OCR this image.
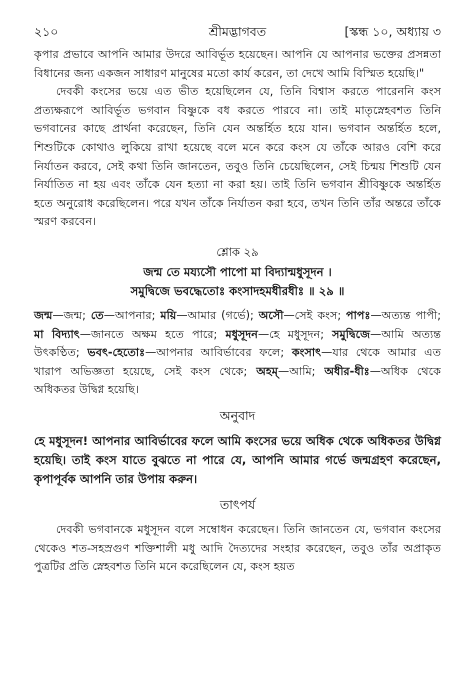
২১০	শ্রীমদ্ভাগবত	[স্কন্ধ ১০, অধ্যায় ৩

কৃপার প্রভাবে আপনি আমার উদরে আবির্ভূত হয়েছেন। আপনি যে আপনার ভক্তের প্রসন্নতা বিধানের জন্য একজন সাধারণ মানুষের মতো কার্য করেন, তা দেখে আমি বিস্মিত হয়েছি।"

দেবকী কংসের ভয়ে এত ভীত হয়েছিলেন যে, তিনি বিশ্বাস করতে পারেননি কংস প্রত্যক্ষরূপে আবির্ভূত ভগবান বিষ্ণুকে বধ করতে পারবে না। তাই মাতৃস্নেহবশত তিনি ভগবানের কাছে প্রার্থনা করেছেন, তিনি যেন অন্তর্হিত হয়ে যান। ভগবান অন্তর্হিত হলে, শিশুটিকে কোথাও লুকিয়ে রাখা হয়েছে বলে মনে করে কংস যে তাঁকে আরও বেশি করে নির্যাতন করবে, সেই কথা তিনি জানতেন, তবুও তিনি চেয়েছিলেন, সেই চিন্ময় শিশুটি যেন নির্যাতিত না হয় এবং তাঁকে যেন হত্যা না করা হয়। তাই তিনি ভগবান শ্রীবিষ্ণুকে অন্তর্হিত হতে অনুরোধ করেছিলেন। পরে যখন তাঁকে নির্যাতন করা হবে, তখন তিনি তাঁর অন্তরে তাঁকে স্মরণ করবেন।

শ্লোক ২৯
জন্ম তে ময্যসৌ পাপো মা বিদ্যান্মধুসূদন ।
সমুদ্বিজে ভবদ্ধেতোঃ কংসাদহমধীরধীঃ ॥ ২৯ ॥

জন্ম—জন্ম; তে—আপনার; ময়ি—আমার (গর্ভে); অসৌ—সেই কংস; পাপঃ—অত্যন্ত পাপী; মা বিদ্যাৎ—জানতে অক্ষম হতে পারে; মধুসূদন—হে মধুসূদন; সমুদ্বিজে—আমি অত্যন্ত উৎকণ্ঠিত; ভবৎ-হেতোঃ—আপনার আবির্ভাবের ফলে; কংসাৎ—যার থেকে আমার এত খারাপ অভিজ্ঞতা হয়েছে, সেই কংস থেকে; অহম্—আমি; অধীর-ধীঃ—অধিক থেকে অধিকতর উদ্বিগ্ন হয়েছি।

অনুবাদ

হে মধুসূদন! আপনার আবির্ভাবের ফলে আমি কংসের ভয়ে অধিক থেকে অধিকতর উদ্বিগ্ন হয়েছি। তাই কংস যাতে বুঝতে না পারে যে, আপনি আমার গর্ভে জন্মগ্রহণ করেছেন, কৃপাপূর্বক আপনি তার উপায় করুন।

তাৎপর্য

দেবকী ভগবানকে মধুসূদন বলে সম্বোধন করেছেন। তিনি জানতেন যে, ভগবান কংসের থেকেও শত-সহস্রগুণ শক্তিশালী মধু আদি দৈত্যদের সংহার করেছেন, তবুও তাঁর অপ্রাকৃত পুত্রটির প্রতি স্নেহবশত তিনি মনে করেছিলেন যে, কংস হয়ত
